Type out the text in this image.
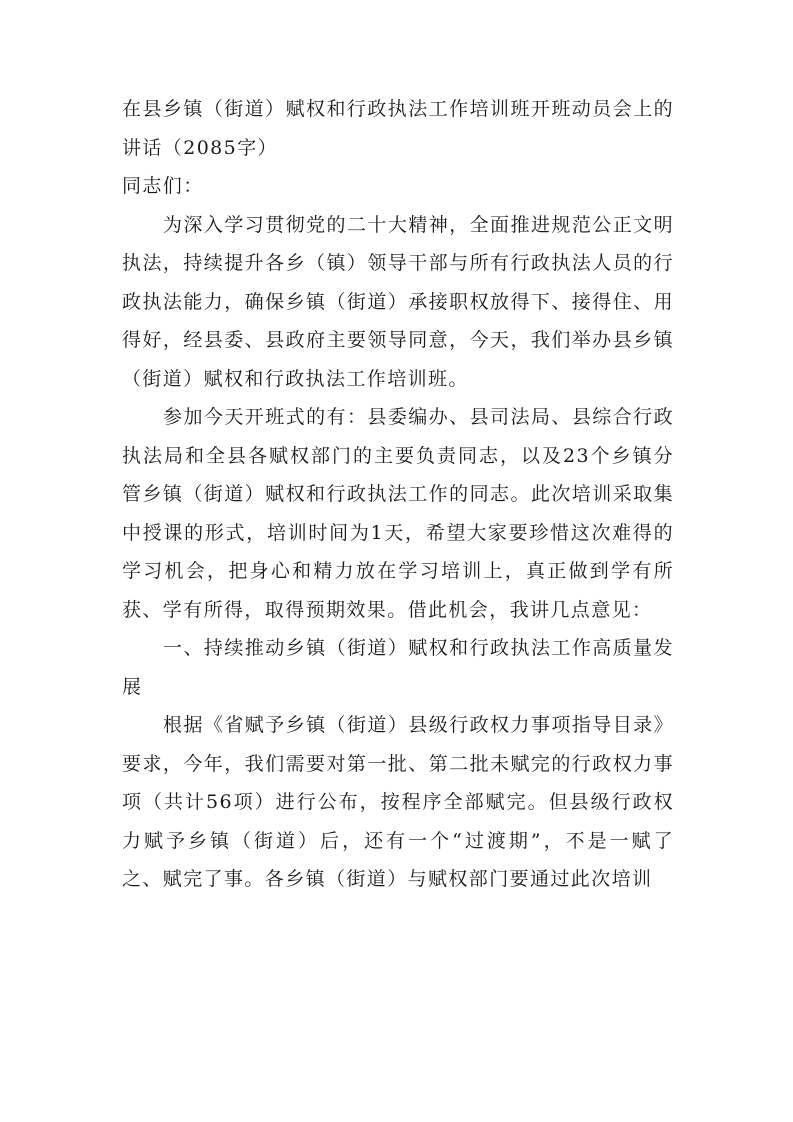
在县乡镇（街道）赋权和行政执法工作培训班开班动员会上的讲话（2085字）

同志们：

为深入学习贯彻党的二十大精神，全面推进规范公正文明执法，持续提升各乡（镇）领导干部与所有行政执法人员的行政执法能力，确保乡镇（街道）承接职权放得下、接得住、用得好，经县委、县政府主要领导同意，今天，我们举办县乡镇（街道）赋权和行政执法工作培训班。

参加今天开班式的有：县委编办、县司法局、县综合行政执法局和全县各赋权部门的主要负责同志，以及23个乡镇分管乡镇（街道）赋权和行政执法工作的同志。此次培训采取集中授课的形式，培训时间为1天，希望大家要珍惜这次难得的学习机会，把身心和精力放在学习培训上，真正做到学有所获、学有所得，取得预期效果。借此机会，我讲几点意见：

一、持续推动乡镇（街道）赋权和行政执法工作高质量发展

根据《省赋予乡镇（街道）县级行政权力事项指导目录》要求，今年，我们需要对第一批、第二批未赋完的行政权力事项（共计56项）进行公布，按程序全部赋完。但县级行政权力赋予乡镇（街道）后，还有一个“过渡期”，不是一赋了之、赋完了事。各乡镇（街道）与赋权部门要通过此次培训
